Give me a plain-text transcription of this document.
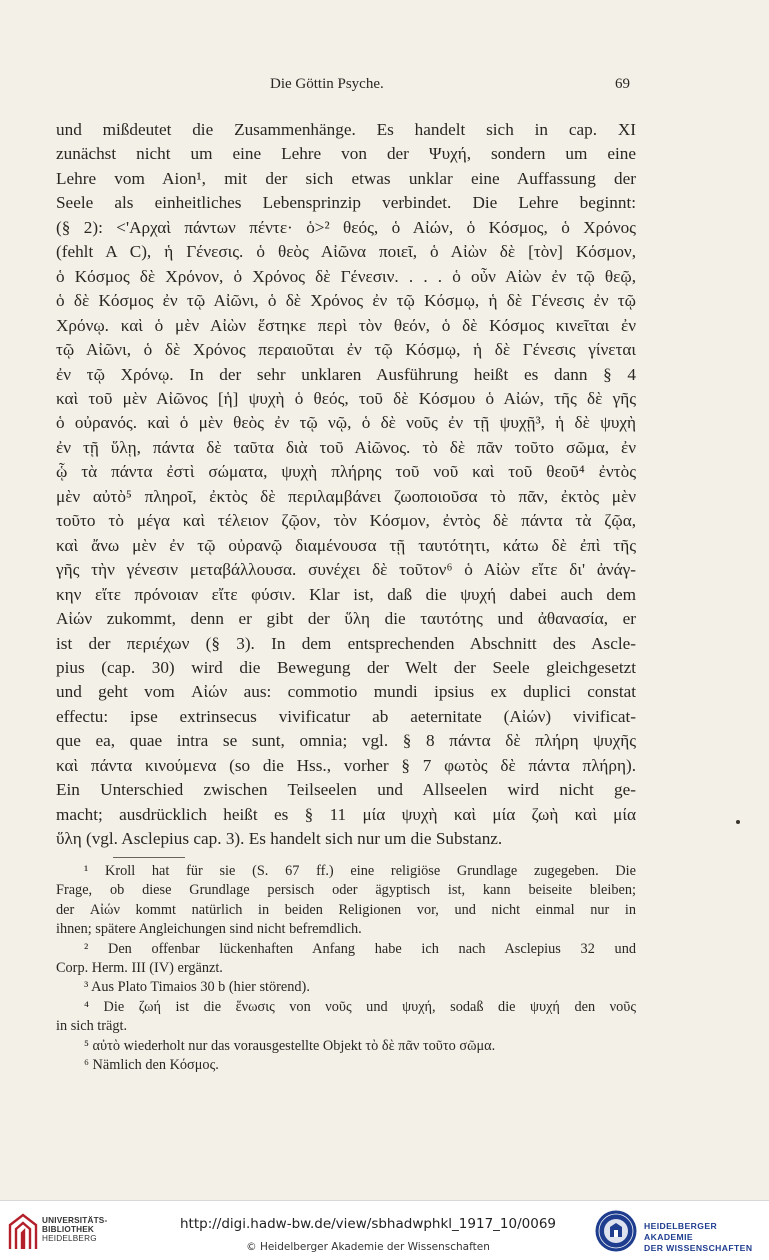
Die Göttin Psyche.	69
und mißdeutet die Zusammenhänge. Es handelt sich in cap. XI
zunächst nicht um eine Lehre von der Ψυχή, sondern um eine
Lehre vom Aion¹, mit der sich etwas unklar eine Auffassung der
Seele als einheitliches Lebensprinzip verbindet. Die Lehre beginnt:
(§ 2): <'Αρχαὶ πάντων πέντε· ὁ>² θεός, ὁ Αἰών, ὁ Κόσμος, ὁ Χρόνος
(fehlt A C), ἡ Γένεσις. ὁ θεὸς Αἰῶνα ποιεῖ, ὁ Αἰὼν δὲ [τὸν] Κόσμον,
ὁ Κόσμος δὲ Χρόνον, ὁ Χρόνος δὲ Γένεσιν. . . . ὁ οὖν Αἰὼν ἐν τῷ θεῷ,
ὁ δὲ Κόσμος ἐν τῷ Αἰῶνι, ὁ δὲ Χρόνος ἐν τῷ Κόσμῳ, ἡ δὲ Γένεσις ἐν τῷ
Χρόνῳ. καὶ ὁ μὲν Αἰὼν ἕστηκε περὶ τὸν θεόν, ὁ δὲ Κόσμος κινεῖται ἐν
τῷ Αἰῶνι, ὁ δὲ Χρόνος περαιοῦται ἐν τῷ Κόσμῳ, ἡ δὲ Γένεσις γίνεται
ἐν τῷ Χρόνῳ. In der sehr unklaren Ausführung heißt es dann § 4
καὶ τοῦ μὲν Αἰῶνος [ἡ] ψυχὴ ὁ θεός, τοῦ δὲ Κόσμου ὁ Αἰών, τῆς δὲ γῆς
ὁ οὐρανός. καὶ ὁ μὲν θεὸς ἐν τῷ νῷ, ὁ δὲ νοῦς ἐν τῇ ψυχῇ³, ἡ δὲ ψυχὴ
ἐν τῇ ὕλῃ, πάντα δὲ ταῦτα διὰ τοῦ Αἰῶνος. τὸ δὲ πᾶν τοῦτο σῶμα, ἐν
ᾧ τὰ πάντα ἐστὶ σώματα, ψυχὴ πλήρης τοῦ νοῦ καὶ τοῦ θεοῦ⁴ ἐντὸς
μὲν αὐτὸ⁵ πληροῖ, ἐκτὸς δὲ περιλαμβάνει ζωοποιοῦσα τὸ πᾶν, ἐκτὸς μὲν
τοῦτο τὸ μέγα καὶ τέλειον ζῷον, τὸν Κόσμον, ἐντὸς δὲ πάντα τὰ ζῷα,
καὶ ἄνω μὲν ἐν τῷ οὐρανῷ διαμένουσα τῇ ταυτότητι, κάτω δὲ ἐπὶ τῆς
γῆς τὴν γένεσιν μεταβάλλουσα. συνέχει δὲ τοῦτον⁶ ὁ Αἰὼν εἴτε δι' ἀνάγ-
κην εἴτε πρόνοιαν εἴτε φύσιν. Klar ist, daß die ψυχή dabei auch dem
Αἰών zukommt, denn er gibt der ὕλη die ταυτότης und ἀθανασία, er
ist der περιέχων (§ 3). In dem entsprechenden Abschnitt des Ascle-
pius (cap. 30) wird die Bewegung der Welt der Seele gleichgesetzt
und geht vom Αἰών aus: commotio mundi ipsius ex duplici constat
effectu: ipse extrinsecus vivificatur ab aeternitate (Αἰών) vivificat-
que ea, quae intra se sunt, omnia; vgl. § 8 πάντα δὲ πλήρη ψυχῆς
καὶ πάντα κινούμενα (so die Hss., vorher § 7 φωτὸς δὲ πάντα πλήρη).
Ein Unterschied zwischen Teilseelen und Allseelen wird nicht ge-
macht; ausdrücklich heißt es § 11 μία ψυχὴ καὶ μία ζωὴ καὶ μία
ὕλη (vgl. Asclepius cap. 3). Es handelt sich nur um die Substanz.
¹ Kroll hat für sie (S. 67 ff.) eine religiöse Grundlage zugegeben. Die
Frage, ob diese Grundlage persisch oder ägyptisch ist, kann beiseite bleiben;
der Αἰών kommt natürlich in beiden Religionen vor, und nicht einmal nur in
ihnen; spätere Angleichungen sind nicht befremdlich.
² Den offenbar lückenhaften Anfang habe ich nach Asclepius 32 und
Corp. Herm. III (IV) ergänzt.
³ Aus Plato Timaios 30 b (hier störend).
⁴ Die ζωή ist die ἕνωσις von νοῦς und ψυχή, sodaß die ψυχή den νοῦς
in sich trägt.
⁵ αὐτὸ wiederholt nur das vorausgestellte Objekt τὸ δὲ πᾶν τοῦτο σῶμα.
⁶ Nämlich den Κόσμος.
UNIVERSITÄTS-
BIBLIOTHEK
HEIDELBERG
http://digi.hadw-bw.de/view/sbhadwphkl_1917_10/0069
© Heidelberger Akademie der Wissenschaften
HEIDELBERGER AKADEMIE
DER WISSENSCHAFTEN
